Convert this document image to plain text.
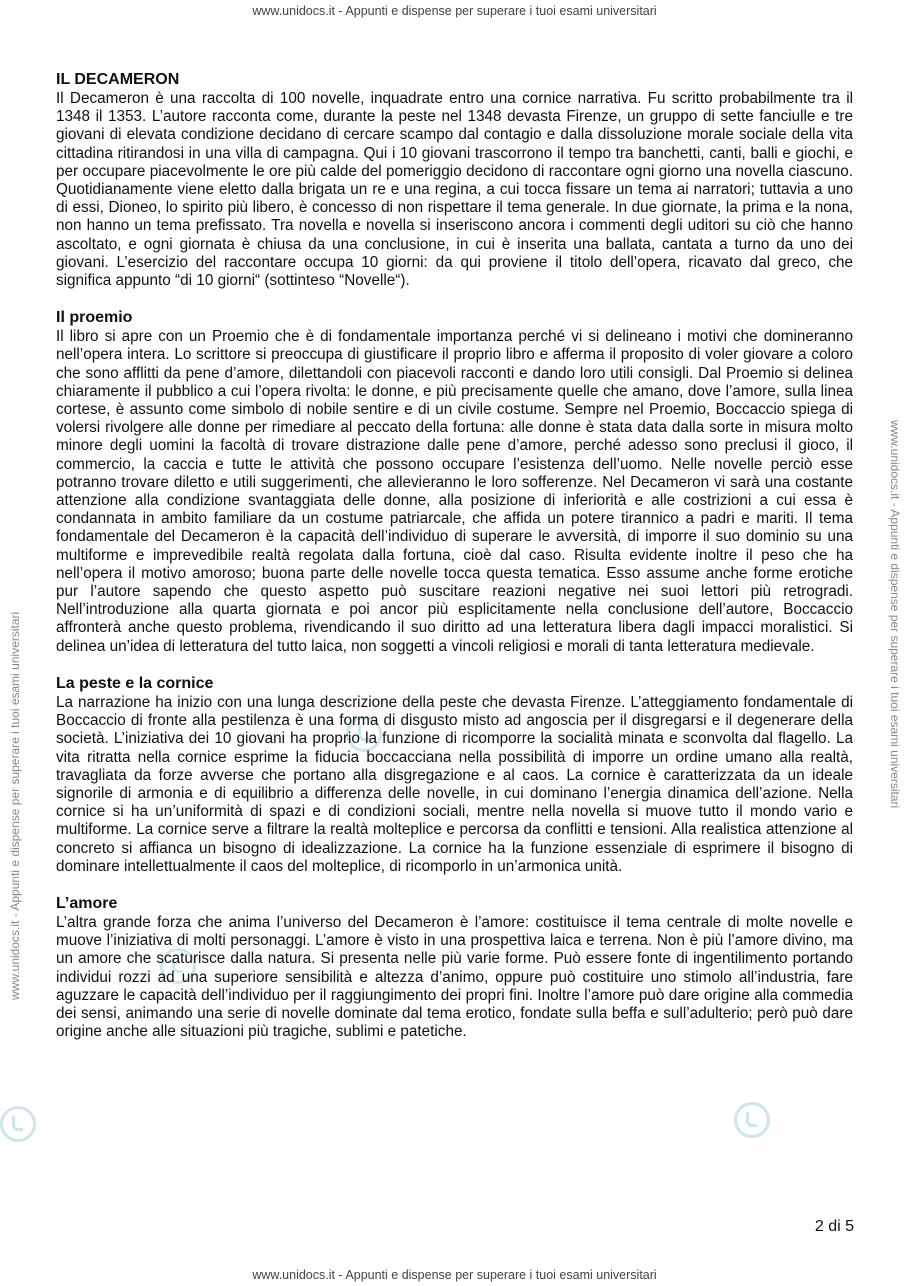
www.unidocs.it - Appunti e dispense per superare i tuoi esami universitari
www.unidocs.it - Appunti e dispense per superare i tuoi esami universitari	www.unidocs.it - Appunti e dispense per superare i tuoi esami universitari
IL DECAMERON

Il Decameron è una raccolta di 100 novelle, inquadrate entro una cornice narrativa. Fu scritto probabilmente tra il 1348 il 1353. L’autore racconta come, durante la peste nel 1348 devasta Firenze, un gruppo di sette fanciulle e tre giovani di elevata condizione decidano di cercare scampo dal contagio e dalla dissoluzione morale sociale della vita cittadina ritirandosi in una villa di campagna. Qui i 10 giovani trascorrono il tempo tra banchetti, canti, balli e giochi, e per occupare piacevolmente le ore più calde del pomeriggio decidono di raccontare ogni giorno una novella ciascuno. Quotidianamente viene eletto dalla brigata un re e una regina, a cui tocca fissare un tema ai narratori; tuttavia a uno di essi, Dioneo, lo spirito più libero, è concesso di non rispettare il tema generale. In due giornate, la prima e la nona, non hanno un tema prefissato. Tra novella e novella si inseriscono ancora i commenti degli uditori su ciò che hanno ascoltato, e ogni giornata è chiusa da una conclusione, in cui è inserita una ballata, cantata a turno da uno dei giovani. L’esercizio del raccontare occupa 10 giorni: da qui proviene il titolo dell’opera, ricavato dal greco, che significa appunto “di 10 giorni“ (sottinteso “Novelle“).

Il proemio

Il libro si apre con un Proemio che è di fondamentale importanza perché vi si delineano i motivi che domineranno nell’opera intera. Lo scrittore si preoccupa di giustificare il proprio libro e afferma il proposito di voler giovare a coloro che sono afflitti da pene d’amore, dilettandoli con piacevoli racconti e dando loro utili consigli. Dal Proemio si delinea chiaramente il pubblico a cui l’opera rivolta: le donne, e più precisamente quelle che amano, dove l’amore, sulla linea cortese, è assunto come simbolo di nobile sentire e di un civile costume. Sempre nel Proemio, Boccaccio spiega di volersi rivolgere alle donne per rimediare al peccato della fortuna: alle donne è stata data dalla sorte in misura molto minore degli uomini la facoltà di trovare distrazione dalle pene d’amore, perché adesso sono preclusi il gioco, il commercio, la caccia e tutte le attività che possono occupare l’esistenza dell’uomo. Nelle novelle perciò esse potranno trovare diletto e utili suggerimenti, che allevieranno le loro sofferenze. Nel Decameron vi sarà una costante attenzione alla condizione svantaggiata delle donne, alla posizione di inferiorità e alle costrizioni a cui essa è condannata in ambito familiare da un costume patriarcale, che affida un potere tirannico a padri e mariti. Il tema fondamentale del Decameron è la capacità dell’individuo di superare le avversità, di imporre il suo dominio su una multiforme e imprevedibile realtà regolata dalla fortuna, cioè dal caso. Risulta evidente inoltre il peso che ha nell’opera il motivo amoroso; buona parte delle novelle tocca questa tematica. Esso assume anche forme erotiche pur l’autore sapendo che questo aspetto può suscitare reazioni negative nei suoi lettori più retrogradi. Nell’introduzione alla quarta giornata e poi ancor più esplicitamente nella conclusione dell’autore, Boccaccio affronterà anche questo problema, rivendicando il suo diritto ad una letteratura libera dagli impacci moralistici. Si delinea un’idea di letteratura del tutto laica, non soggetti a vincoli religiosi e morali di tanta letteratura medievale.

La peste e la cornice

La narrazione ha inizio con una lunga descrizione della peste che devasta Firenze. L’atteggiamento fondamentale di Boccaccio di fronte alla pestilenza è una forma di disgusto misto ad angoscia per il disgregarsi e il degenerare della società. L’iniziativa dei 10 giovani ha proprio la funzione di ricomporre la socialità minata e sconvolta dal flagello. La vita ritratta nella cornice esprime la fiducia boccacciana nella possibilità di imporre un ordine umano alla realtà, travagliata da forze avverse che portano alla disgregazione e al caos. La cornice è caratterizzata da un ideale signorile di armonia e di equilibrio a differenza delle novelle, in cui dominano l’energia dinamica dell’azione. Nella cornice si ha un’uniformità di spazi e di condizioni sociali, mentre nella novella si muove tutto il mondo vario e multiforme. La cornice serve a filtrare la realtà molteplice e percorsa da conflitti e tensioni. Alla realistica attenzione al concreto si affianca un bisogno di idealizzazione. La cornice ha la funzione essenziale di esprimere il bisogno di dominare intellettualmente il caos del molteplice, di ricomporlo in un’armonica unità.

L’amore

L’altra grande forza che anima l’universo del Decameron è l’amore: costituisce il tema centrale di molte novelle e muove l’iniziativa di molti personaggi. L’amore è visto in una prospettiva laica e terrena. Non è più l’amore divino, ma un amore che scaturisce dalla natura. Si presenta nelle più varie forme. Può essere fonte di ingentilimento portando individui rozzi ad una superiore sensibilità e altezza d’animo, oppure può costituire uno stimolo all’industria, fare aguzzare le capacità dell’individuo per il raggiungimento dei propri fini. Inoltre l’amore può dare origine alla commedia dei sensi, animando una serie di novelle dominate dal tema erotico, fondate sulla beffa e sull’adulterio; però può dare origine anche alle situazioni più tragiche, sublimi e patetiche.

2 di 5
www.unidocs.it - Appunti e dispense per superare i tuoi esami universitari
